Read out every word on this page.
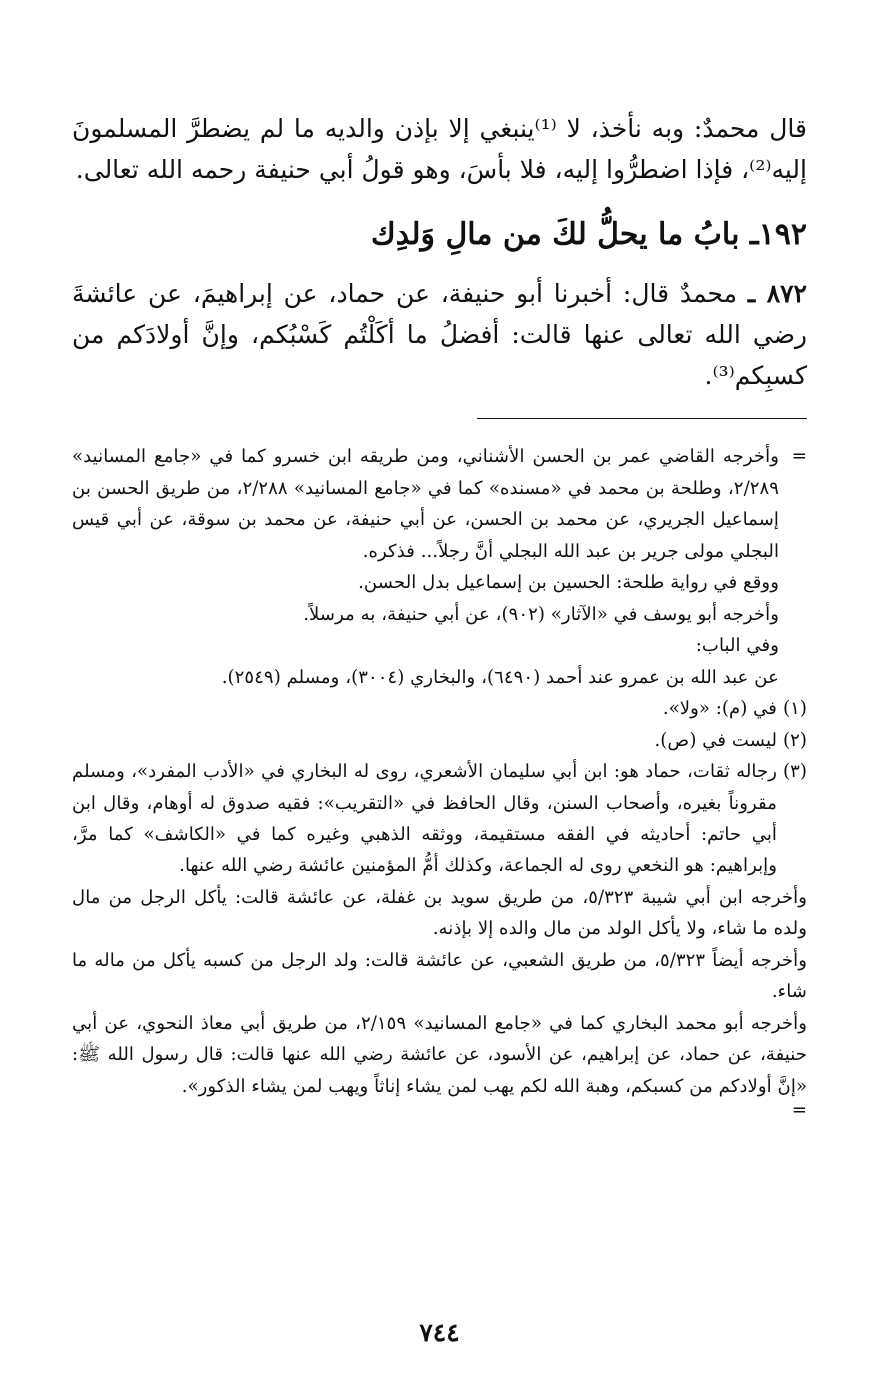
قال محمدٌ: وبه نأخذ، لا ⁽¹⁾ينبغي إلا بإذن والديه ما لم يضطرَّ المسلمونَ إليه⁽²⁾، فإذا اضطرُّوا إليه، فلا بأسَ، وهو قولُ أبي حنيفة رحمه الله تعالى.

١٩٢ـ بابُ ما يحلُّ لكَ من مالِ وَلدِك

٨٧٢ ـ محمدٌ قال: أخبرنا أبو حنيفة، عن حماد، عن إبراهيمَ، عن عائشةَ رضي الله تعالى عنها قالت: أفضلُ ما أكَلْتُم كَسْبُكم، وإنَّ أولادَكم من كسبِكم⁽³⁾.

=

وأخرجه القاضي عمر بن الحسن الأشناني، ومن طريقه ابن خسرو كما في «جامع المسانيد» ٢/٢٨٩، وطلحة بن محمد في «مسنده» كما في «جامع المسانيد» ٢/٢٨٨، من طريق الحسن بن إسماعيل الجريري، عن محمد بن الحسن، عن أبي حنيفة، عن محمد بن سوقة، عن أبي قيس البجلي مولى جرير بن عبد الله البجلي أنَّ رجلاً... فذكره.

ووقع في رواية طلحة: الحسين بن إسماعيل بدل الحسن.

وأخرجه أبو يوسف في «الآثار» (٩٠٢)، عن أبي حنيفة، به مرسلاً.

وفي الباب:

عن عبد الله بن عمرو عند أحمد (٦٤٩٠)، والبخاري (٣٠٠٤)، ومسلم (٢٥٤٩).

(١)
في (م): «ولا».
(٢)
ليست في (ص).
(٣)
رجاله ثقات، حماد هو: ابن أبي سليمان الأشعري، روى له البخاري في «الأدب المفرد»، ومسلم مقروناً بغيره، وأصحاب السنن، وقال الحافظ في «التقريب»: فقيه صدوق له أوهام، وقال ابن أبي حاتم: أحاديثه في الفقه مستقيمة، ووثقه الذهبي وغيره كما في «الكاشف» كما مرَّ، وإبراهيم: هو النخعي روى له الجماعة، وكذلك أمُّ المؤمنين عائشة رضي الله عنها.

وأخرجه ابن أبي شيبة ٥/٣٢٣، من طريق سويد بن غفلة، عن عائشة قالت: يأكل الرجل من مال ولده ما شاء، ولا يأكل الولد من مال والده إلا بإذنه.

وأخرجه أيضاً ٥/٣٢٣، من طريق الشعبي، عن عائشة قالت: ولد الرجل من كسبه يأكل من ماله ما شاء.

وأخرجه أبو محمد البخاري كما في «جامع المسانيد» ٢/١٥٩، من طريق أبي معاذ النحوي، عن أبي حنيفة، عن حماد، عن إبراهيم، عن الأسود، عن عائشة رضي الله عنها قالت: قال رسول الله ﷺ: «إنَّ أولادكم من كسبكم، وهبة الله لكم يهب لمن يشاء إناثاً ويهب لمن يشاء الذكور».

=

٧٤٤
